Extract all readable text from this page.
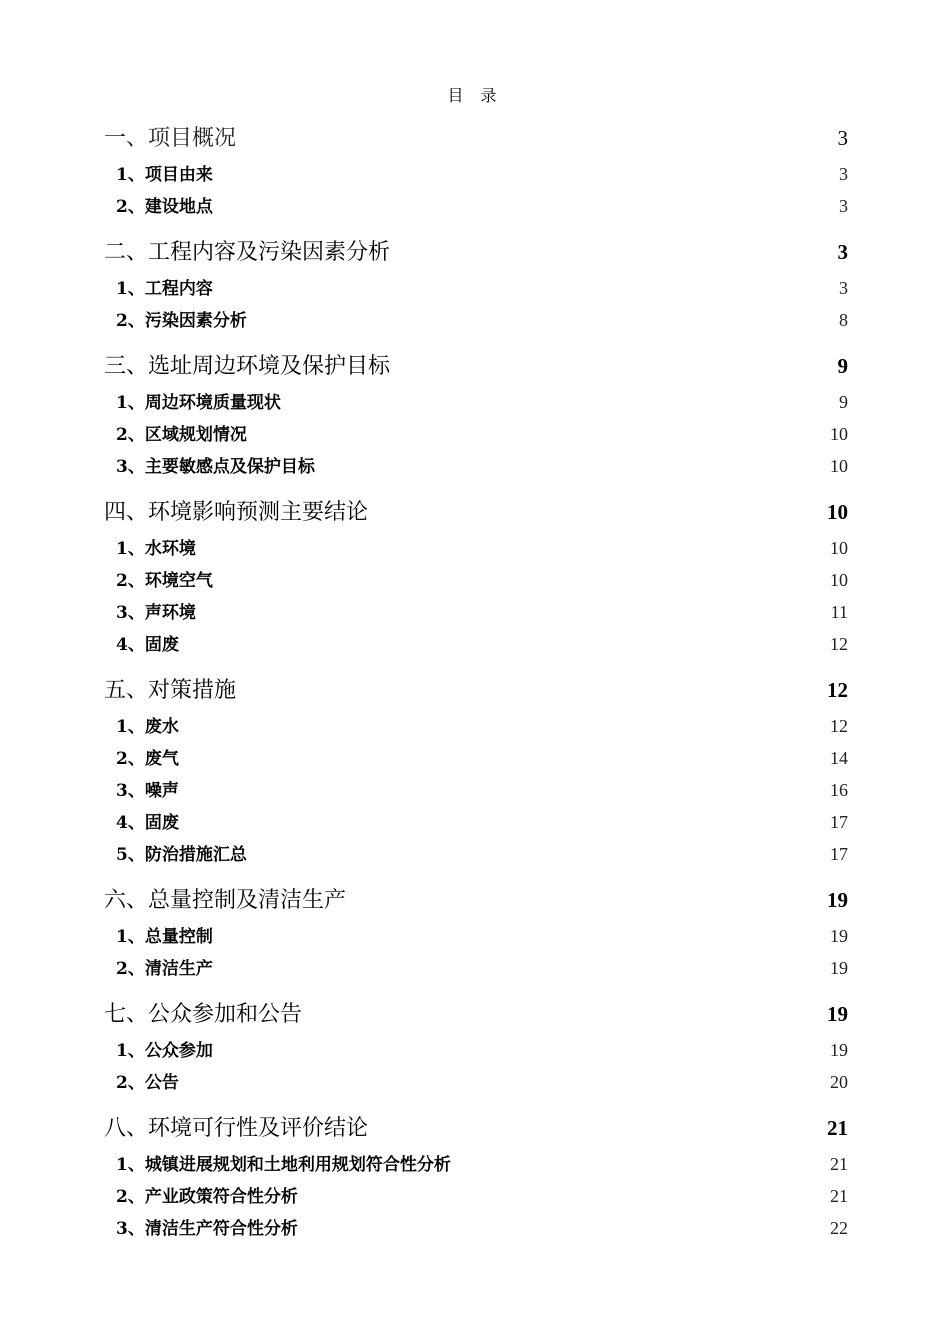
目 录
一、项目概况	3
1、项目由来	3
2、建设地点	3
二、工程内容及污染因素分析	3
1、工程内容	3
2、污染因素分析	8
三、选址周边环境及保护目标	9
1、周边环境质量现状	9
2、区域规划情况	10
3、主要敏感点及保护目标	10
四、环境影响预测主要结论	10
1、水环境	10
2、环境空气	10
3、声环境	11
4、固废	12
五、对策措施	12
1、废水	12
2、废气	14
3、噪声	16
4、固废	17
5、防治措施汇总	17
六、总量控制及清洁生产	19
1、总量控制	19
2、清洁生产	19
七、公众参加和公告	19
1、公众参加	19
2、公告	20
八、环境可行性及评价结论	21
1、城镇进展规划和土地利用规划符合性分析	21
2、产业政策符合性分析	21
3、清洁生产符合性分析	22
